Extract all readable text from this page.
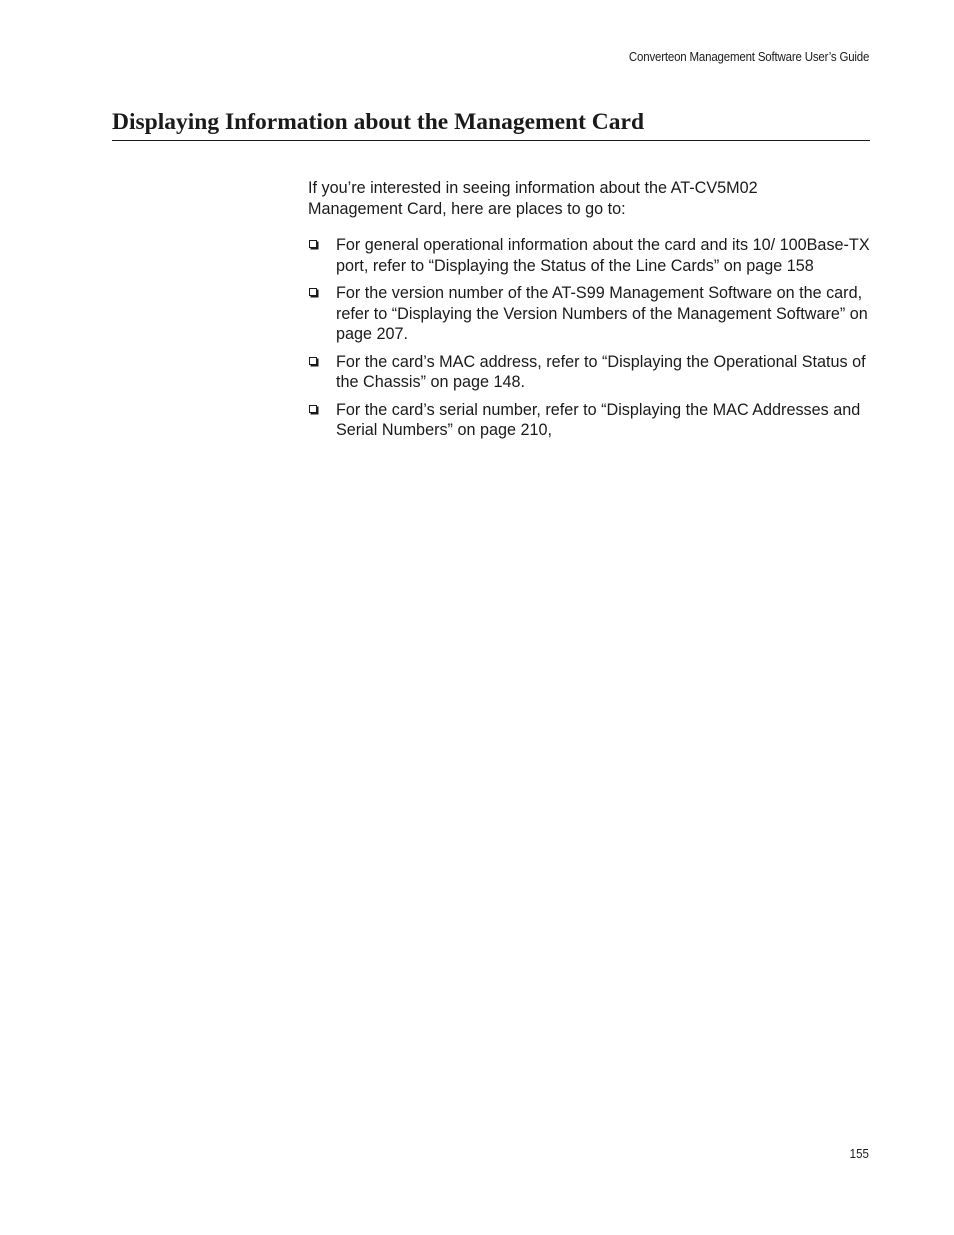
Converteon Management Software User’s Guide
Displaying Information about the Management Card

If you’re interested in seeing information about the AT-CV5M02 Management Card, here are places to go to:

For general operational information about the card and its 10/ 100Base-TX port, refer to “Displaying the Status of the Line Cards” on page 158
For the version number of the AT-S99 Management Software on the card, refer to “Displaying the Version Numbers of the Management Software” on page 207.
For the card’s MAC address, refer to “Displaying the Operational Status of the Chassis” on page 148.
For the card’s serial number, refer to “Displaying the MAC Addresses and Serial Numbers” on page 210,
155
